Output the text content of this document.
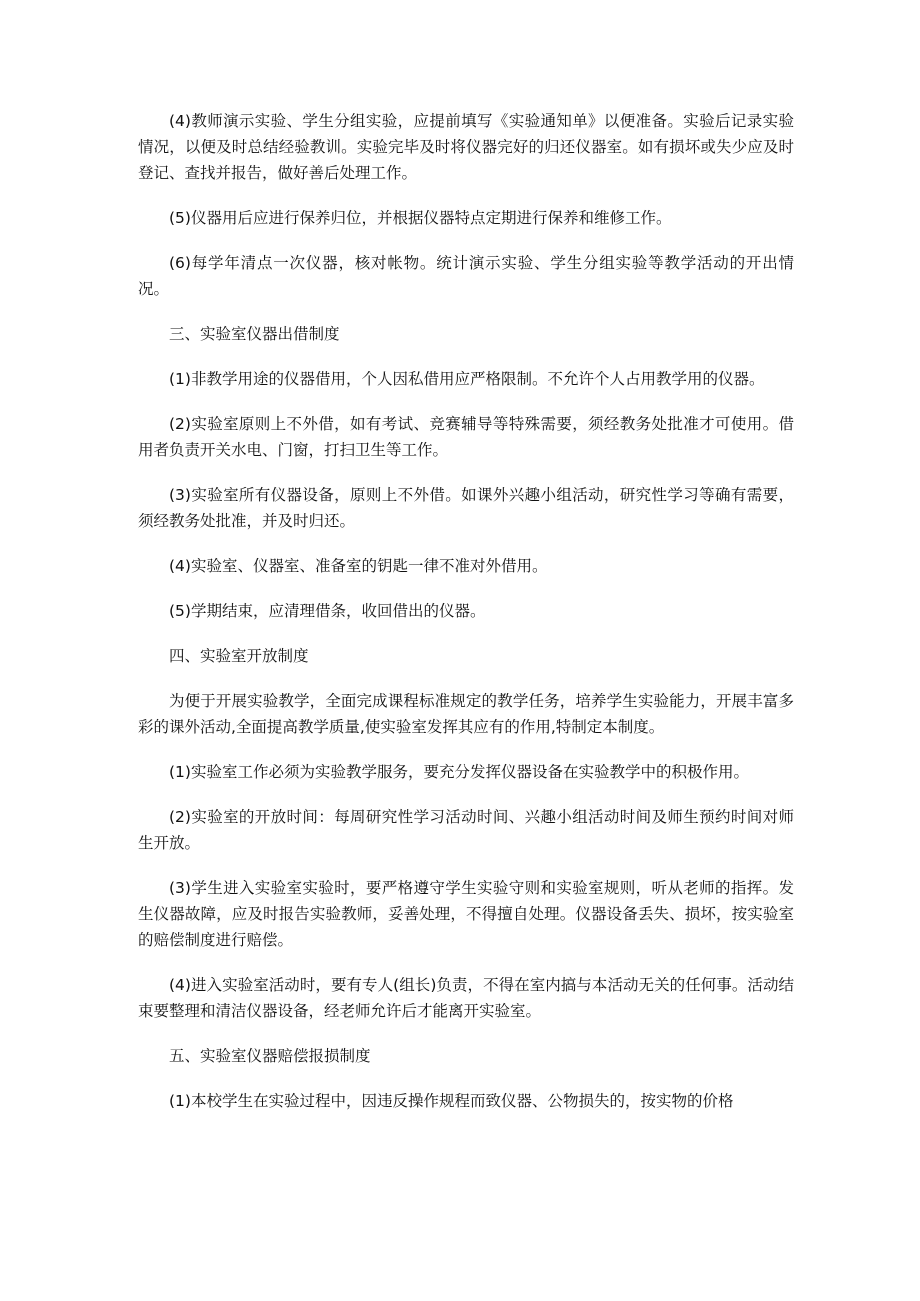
(4)教师演示实验、学生分组实验，应提前填写《实验通知单》以便准备。实验后记录实验情况，以便及时总结经验教训。实验完毕及时将仪器完好的归还仪器室。如有损坏或失少应及时登记、查找并报告，做好善后处理工作。

(5)仪器用后应进行保养归位，并根据仪器特点定期进行保养和维修工作。

(6)每学年清点一次仪器，核对帐物。统计演示实验、学生分组实验等教学活动的开出情况。

三、实验室仪器出借制度

(1)非教学用途的仪器借用，个人因私借用应严格限制。不允许个人占用教学用的仪器。

(2)实验室原则上不外借，如有考试、竞赛辅导等特殊需要，须经教务处批准才可使用。借用者负责开关水电、门窗，打扫卫生等工作。

(3)实验室所有仪器设备，原则上不外借。如课外兴趣小组活动，研究性学习等确有需要，须经教务处批准，并及时归还。

(4)实验室、仪器室、准备室的钥匙一律不准对外借用。

(5)学期结束，应清理借条，收回借出的仪器。

四、实验室开放制度

为便于开展实验教学，全面完成课程标准规定的教学任务，培养学生实验能力，开展丰富多彩的课外活动,全面提高教学质量,使实验室发挥其应有的作用,特制定本制度。

(1)实验室工作必须为实验教学服务，要充分发挥仪器设备在实验教学中的积极作用。

(2)实验室的开放时间：每周研究性学习活动时间、兴趣小组活动时间及师生预约时间对师生开放。

(3)学生进入实验室实验时，要严格遵守学生实验守则和实验室规则，听从老师的指挥。发生仪器故障，应及时报告实验教师，妥善处理，不得擅自处理。仪器设备丢失、损坏，按实验室的赔偿制度进行赔偿。

(4)进入实验室活动时，要有专人(组长)负责，不得在室内搞与本活动无关的任何事。活动结束要整理和清洁仪器设备，经老师允许后才能离开实验室。

五、实验室仪器赔偿报损制度

(1)本校学生在实验过程中，因违反操作规程而致仪器、公物损失的，按实物的价格
